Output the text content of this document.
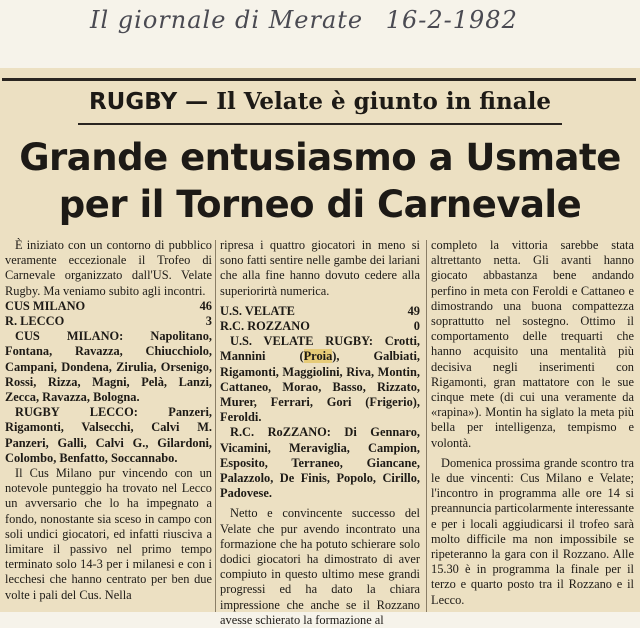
Il giornale di Merate 16-2-1982
RUGBY — Il Velate è giunto in finale
Grande entusiasmo a Usmate
per il Torneo di Carnevale

È iniziato con un contorno di pubblico veramente eccezionale il Trofeo di Carnevale organizzato dall'US. Velate Rugby. Ma veniamo subito agli incontri.

CUS MILANO	46
R. LECCO	3

CUS MILANO: Napolitano, Fontana, Ravazza, Chiucchiolo, Campani, Dondena, Zirulia, Orsenigo, Rossi, Rizza, Magni, Pelà, Lanzi, Zecca, Ravazza, Bologna.

RUGBY LECCO: Panzeri, Rigamonti, Valsecchi, Calvi M. Panzeri, Galli, Calvi G., Gilardoni, Colombo, Benfatto, Soccannabo.

Il Cus Milano pur vincendo con un notevole punteggio ha trovato nel Lecco un avversario che lo ha impegnato a fondo, nonostante sia sceso in campo con soli undici giocatori, ed infatti riusciva a limitare il passivo nel primo tempo terminato solo 14-3 per i milanesi e con i lecchesi che hanno centrato per ben due volte i pali del Cus. Nella

ripresa i quattro giocatori in meno si sono fatti sentire nelle gambe dei lariani che alla fine hanno dovuto cedere alla superiorirtà numerica.

U.S. VELATE	49
R.C. ROZZANO	0

U.S. VELATE RUGBY: Crotti, Mannini (Proia), Galbiati, Rigamonti, Maggiolini, Riva, Montin, Cattaneo, Morao, Basso, Rizzato, Murer, Ferrari, Gori (Frigerio), Feroldi.

R.C. RoZZANO: Di Gennaro, Vicamini, Meraviglia, Campion, Esposito, Terraneo, Giancane, Palazzolo, De Finis, Popolo, Cirillo, Padovese.

Netto e convincente successo del Velate che pur avendo incontrato una formazione che ha potuto schierare solo dodici giocatori ha dimostrato di aver compiuto in questo ultimo mese grandi progressi ed ha dato la chiara impressione che anche se il Rozzano avesse schierato la formazione al

completo la vittoria sarebbe stata altrettanto netta. Gli avanti hanno giocato abbastanza bene andando perfino in meta con Feroldi e Cattaneo e dimostrando una buona compattezza soprattutto nel sostegno. Ottimo il comportamento delle trequarti che hanno acquisito una mentalità più decisiva negli inserimenti con Rigamonti, gran mattatore con le sue cinque mete (di cui una veramente da «rapina»). Montin ha siglato la meta più bella per intelligenza, tempismo e volontà.

Domenica prossima grande scontro tra le due vincenti: Cus Milano e Velate; l'incontro in programma alle ore 14 si preannuncia particolarmente interessante e per i locali aggiudicarsi il trofeo sarà molto difficile ma non impossibile se ripeteranno la gara con il Rozzano. Alle 15.30 è in programma la finale per il terzo e quarto posto tra il Rozzano e il Lecco.
